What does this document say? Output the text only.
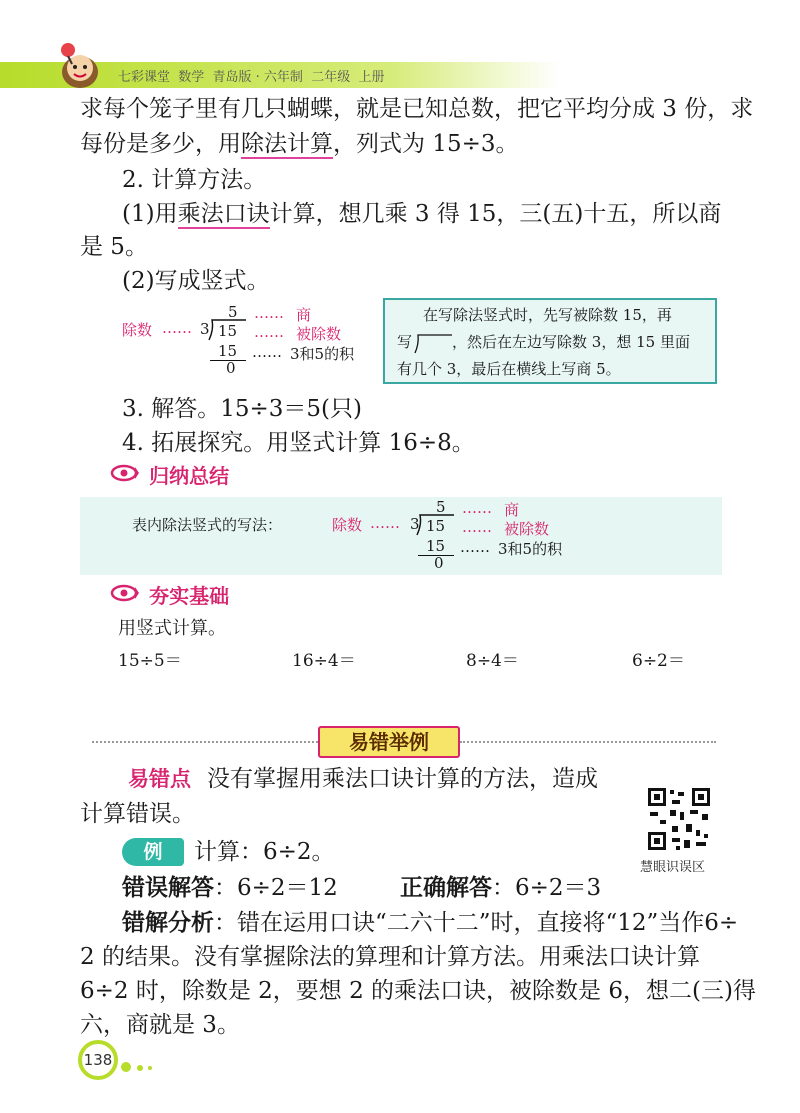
七彩课堂  数学  青岛版 · 六年制  二年级  上册
求每个笼子里有几只蝴蝶，就是已知总数，把它平均分成 3 份，求
每份是多少，用除法计算，列式为 15÷3。
2. 计算方法。
(1)用乘法口诀计算，想几乘 3 得 15，三(五)十五，所以商
是 5。
(2)写成竖式。
除数 …… 3
5
15
15
0
…… 商
…… 被除数
…… 3和5的积
在写除法竖式时，先写被除数 15，再
写	，然后在左边写除数 3，想 15 里面
有几个 3，最后在横线上写商 5。
3. 解答。15÷3＝5(只)
4. 拓展探究。用竖式计算 16÷8。
归纳总结
表内除法竖式的写法：	除数 …… 3
5
15
15
0
…… 商
…… 被除数
…… 3和5的积
夯实基础
用竖式计算。
15÷5＝	16÷4＝	8÷4＝	6÷2＝
易错举例
易错点 没有掌握用乘法口诀计算的方法，造成
计算错误。
慧眼识误区
例	计算：6÷2。
错误解答：6÷2＝12	正确解答：6÷2＝3
错解分析：错在运用口诀“二六十二”时，直接将“12”当作6÷
2 的结果。没有掌握除法的算理和计算方法。用乘法口诀计算
6÷2 时，除数是 2，要想 2 的乘法口诀，被除数是 6，想二(三)得
六，商就是 3。
138
